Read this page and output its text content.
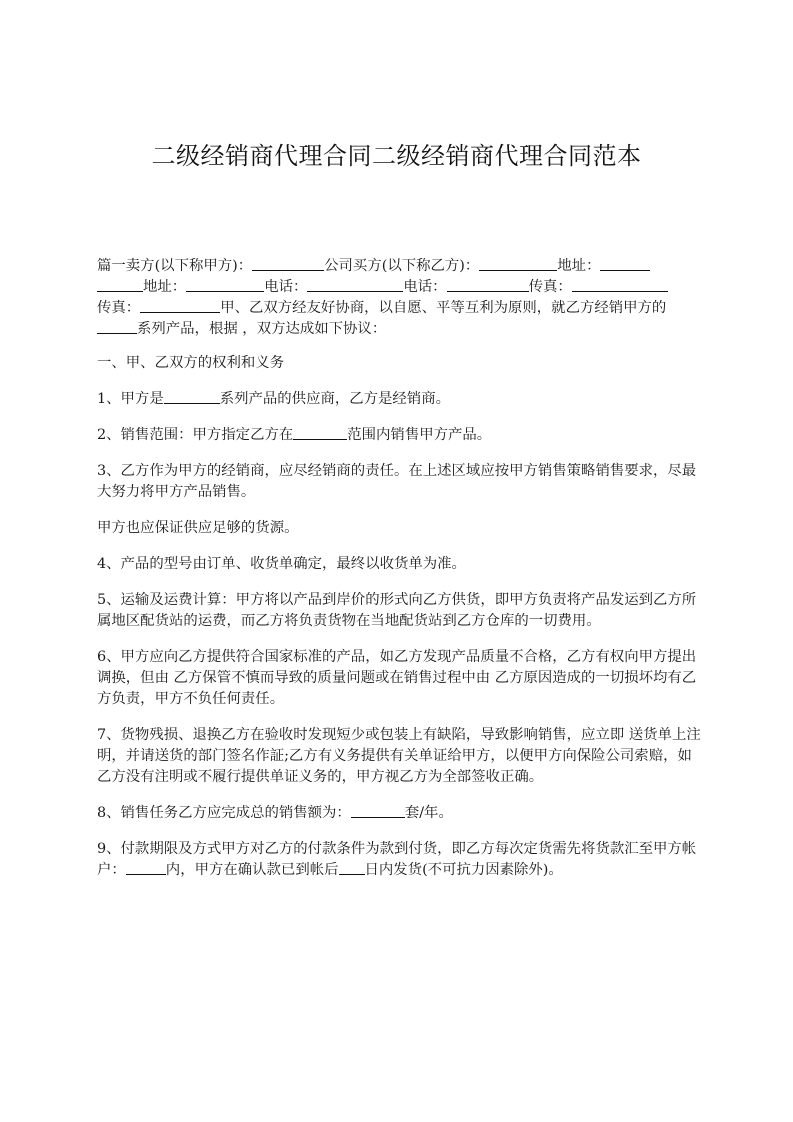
二级经销商代理合同二级经销商代理合同范本

篇一卖方(以下称甲方)：	公司买方(以下称乙方)：	地址：
地址：	电话：	电话：	传真：
传真：	甲、乙双方经友好协商，以自愿、平等互利为原则，就乙方经销甲方的系列产品，根据 ，双方达成如下协议：

一、甲、乙双方的权利和义务

1、甲方是	系列产品的供应商，乙方是经销商。

2、销售范围：甲方指定乙方在	范围内销售甲方产品。

3、乙方作为甲方的经销商，应尽经销商的责任。在上述区域应按甲方销售策略销售要求，尽最大努力将甲方产品销售。

甲方也应保证供应足够的货源。

4、产品的型号由订单、收货单确定，最终以收货单为准。

5、运输及运费计算：甲方将以产品到岸价的形式向乙方供货，即甲方负责将产品发运到乙方所属地区配货站的运费，而乙方将负责货物在当地配货站到乙方仓库的一切费用。

6、甲方应向乙方提供符合国家标准的产品，如乙方发现产品质量不合格，乙方有权向甲方提出调换，但由 乙方保管不慎而导致的质量问题或在销售过程中由 乙方原因造成的一切损坏均有乙方负责，甲方不负任何责任。

7、货物残损、退换乙方在验收时发现短少或包装上有缺陷，导致影响销售，应立即 送货单上注明，并请送货的部门签名作証;乙方有义务提供有关单证给甲方，以便甲方向保险公司索赔，如乙方没有注明或不履行提供单证义务的，甲方视乙方为全部签收正确。

8、销售任务乙方应完成总的销售额为：	套/年。

9、付款期限及方式甲方对乙方的付款条件为款到付货，即乙方每次定货需先将货款汇至甲方帐户：	内，甲方在确认款已到帐后 日内发货(不可抗力因素除外)。
